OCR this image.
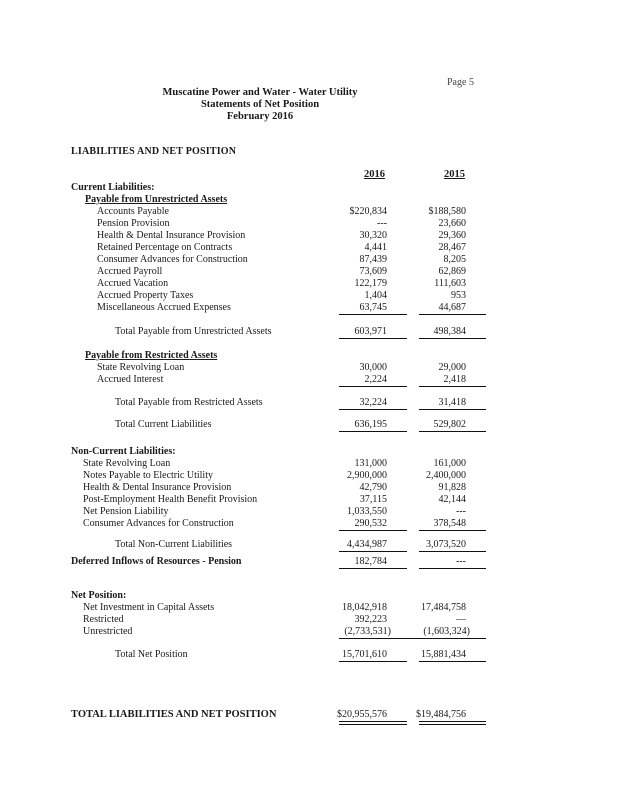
Page 5
Muscatine Power and Water - Water Utility
Statements of Net Position
February 2016
LIABILITIES AND NET POSITION
2016	2015
Current Liabilities:
Payable from Unrestricted Assets
Accounts Payable	$220,834	$188,580
Pension Provision	---	23,660
Health & Dental Insurance Provision	30,320	29,360
Retained Percentage on Contracts	4,441	28,467
Consumer Advances for Construction	87,439	8,205
Accrued Payroll	73,609	62,869
Accrued Vacation	122,179	111,603
Accrued Property Taxes	1,404	953
Miscellaneous Accrued Expenses	63,745	44,687
Total Payable from Unrestricted Assets	603,971	498,384
Payable from Restricted Assets
State Revolving Loan	30,000	29,000
Accrued Interest	2,224	2,418
Total Payable from Restricted Assets	32,224	31,418
Total Current Liabilities	636,195	529,802
Non-Current Liabilities:
State Revolving Loan	131,000	161,000
Notes Payable to Electric Utility	2,900,000	2,400,000
Health & Dental Insurance Provision	42,790	91,828
Post-Employment Health Benefit Provision	37,115	42,144
Net Pension Liability	1,033,550	---
Consumer Advances for Construction	290,532	378,548
Total Non-Current Liabilities	4,434,987	3,073,520
Deferred Inflows of Resources - Pension	182,784	---
Net Position:
Net Investment in Capital Assets	18,042,918	17,484,758
Restricted	392,223	—
Unrestricted	(2,733,531)	(1,603,324)
Total Net Position	15,701,610	15,881,434
TOTAL LIABILITIES AND NET POSITION	$20,955,576	$19,484,756
